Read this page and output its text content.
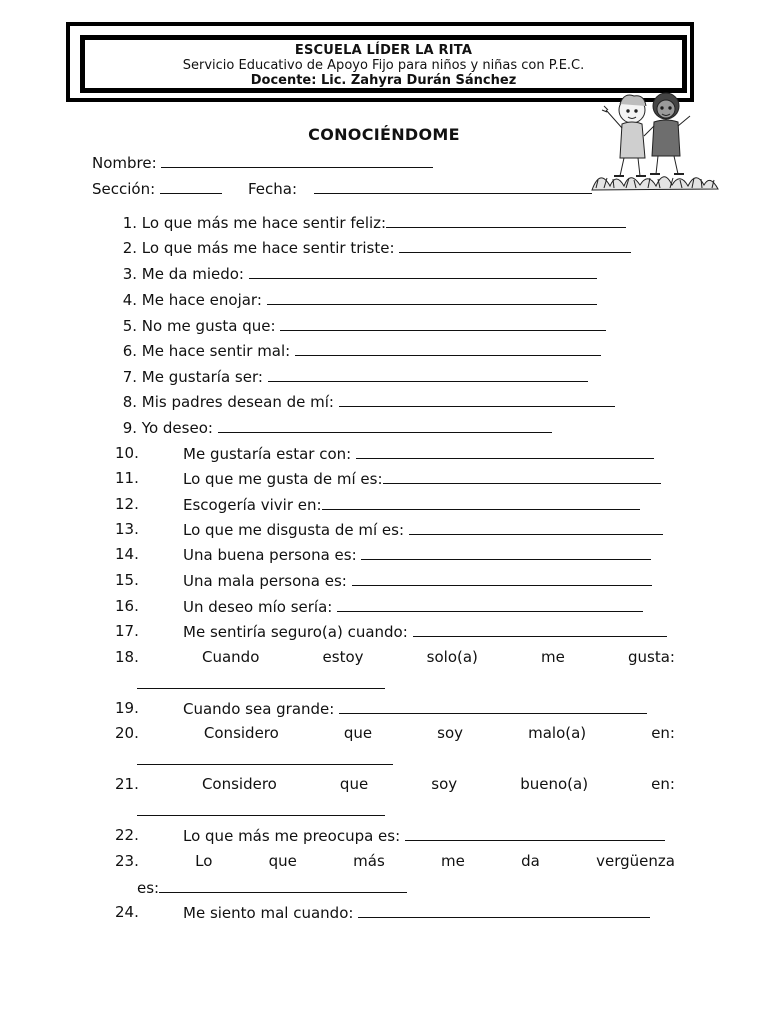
ESCUELA LÍDER LA RITA
Servicio Educativo de Apoyo Fijo para niños y niñas con P.E.C.
Docente: Lic. Zahyra Durán Sánchez
CONOCIÉNDOME
Nombre:
Sección:	Fecha:
1. Lo que más me hace sentir feliz:
2. Lo que más me hace sentir triste:
3. Me da miedo:
4. Me hace enojar:
5. No me gusta que:
6. Me hace sentir mal:
7. Me gustaría ser:
8. Mis padres desean de mí:
9. Yo deseo:
10.	Me gustaría estar con:
11.	Lo que me gusta de mí es:
12.	Escogería vivir en:
13.	Lo que me disgusta de mí es:
14.	Una buena persona es:
15.	Una mala persona es:
16.	Un deseo mío sería:
17.	Me sentiría seguro(a) cuando:
18.	Cuando	estoy	solo(a)	me	gusta:
19.	Cuando sea grande:
20.	Considero	que	soy	malo(a)	en:
21.	Considero	que	soy	bueno(a)	en:
22.	Lo que más me preocupa es:
23.	Lo	que	más	me	da	vergüenza
es:
24.	Me siento mal cuando:
